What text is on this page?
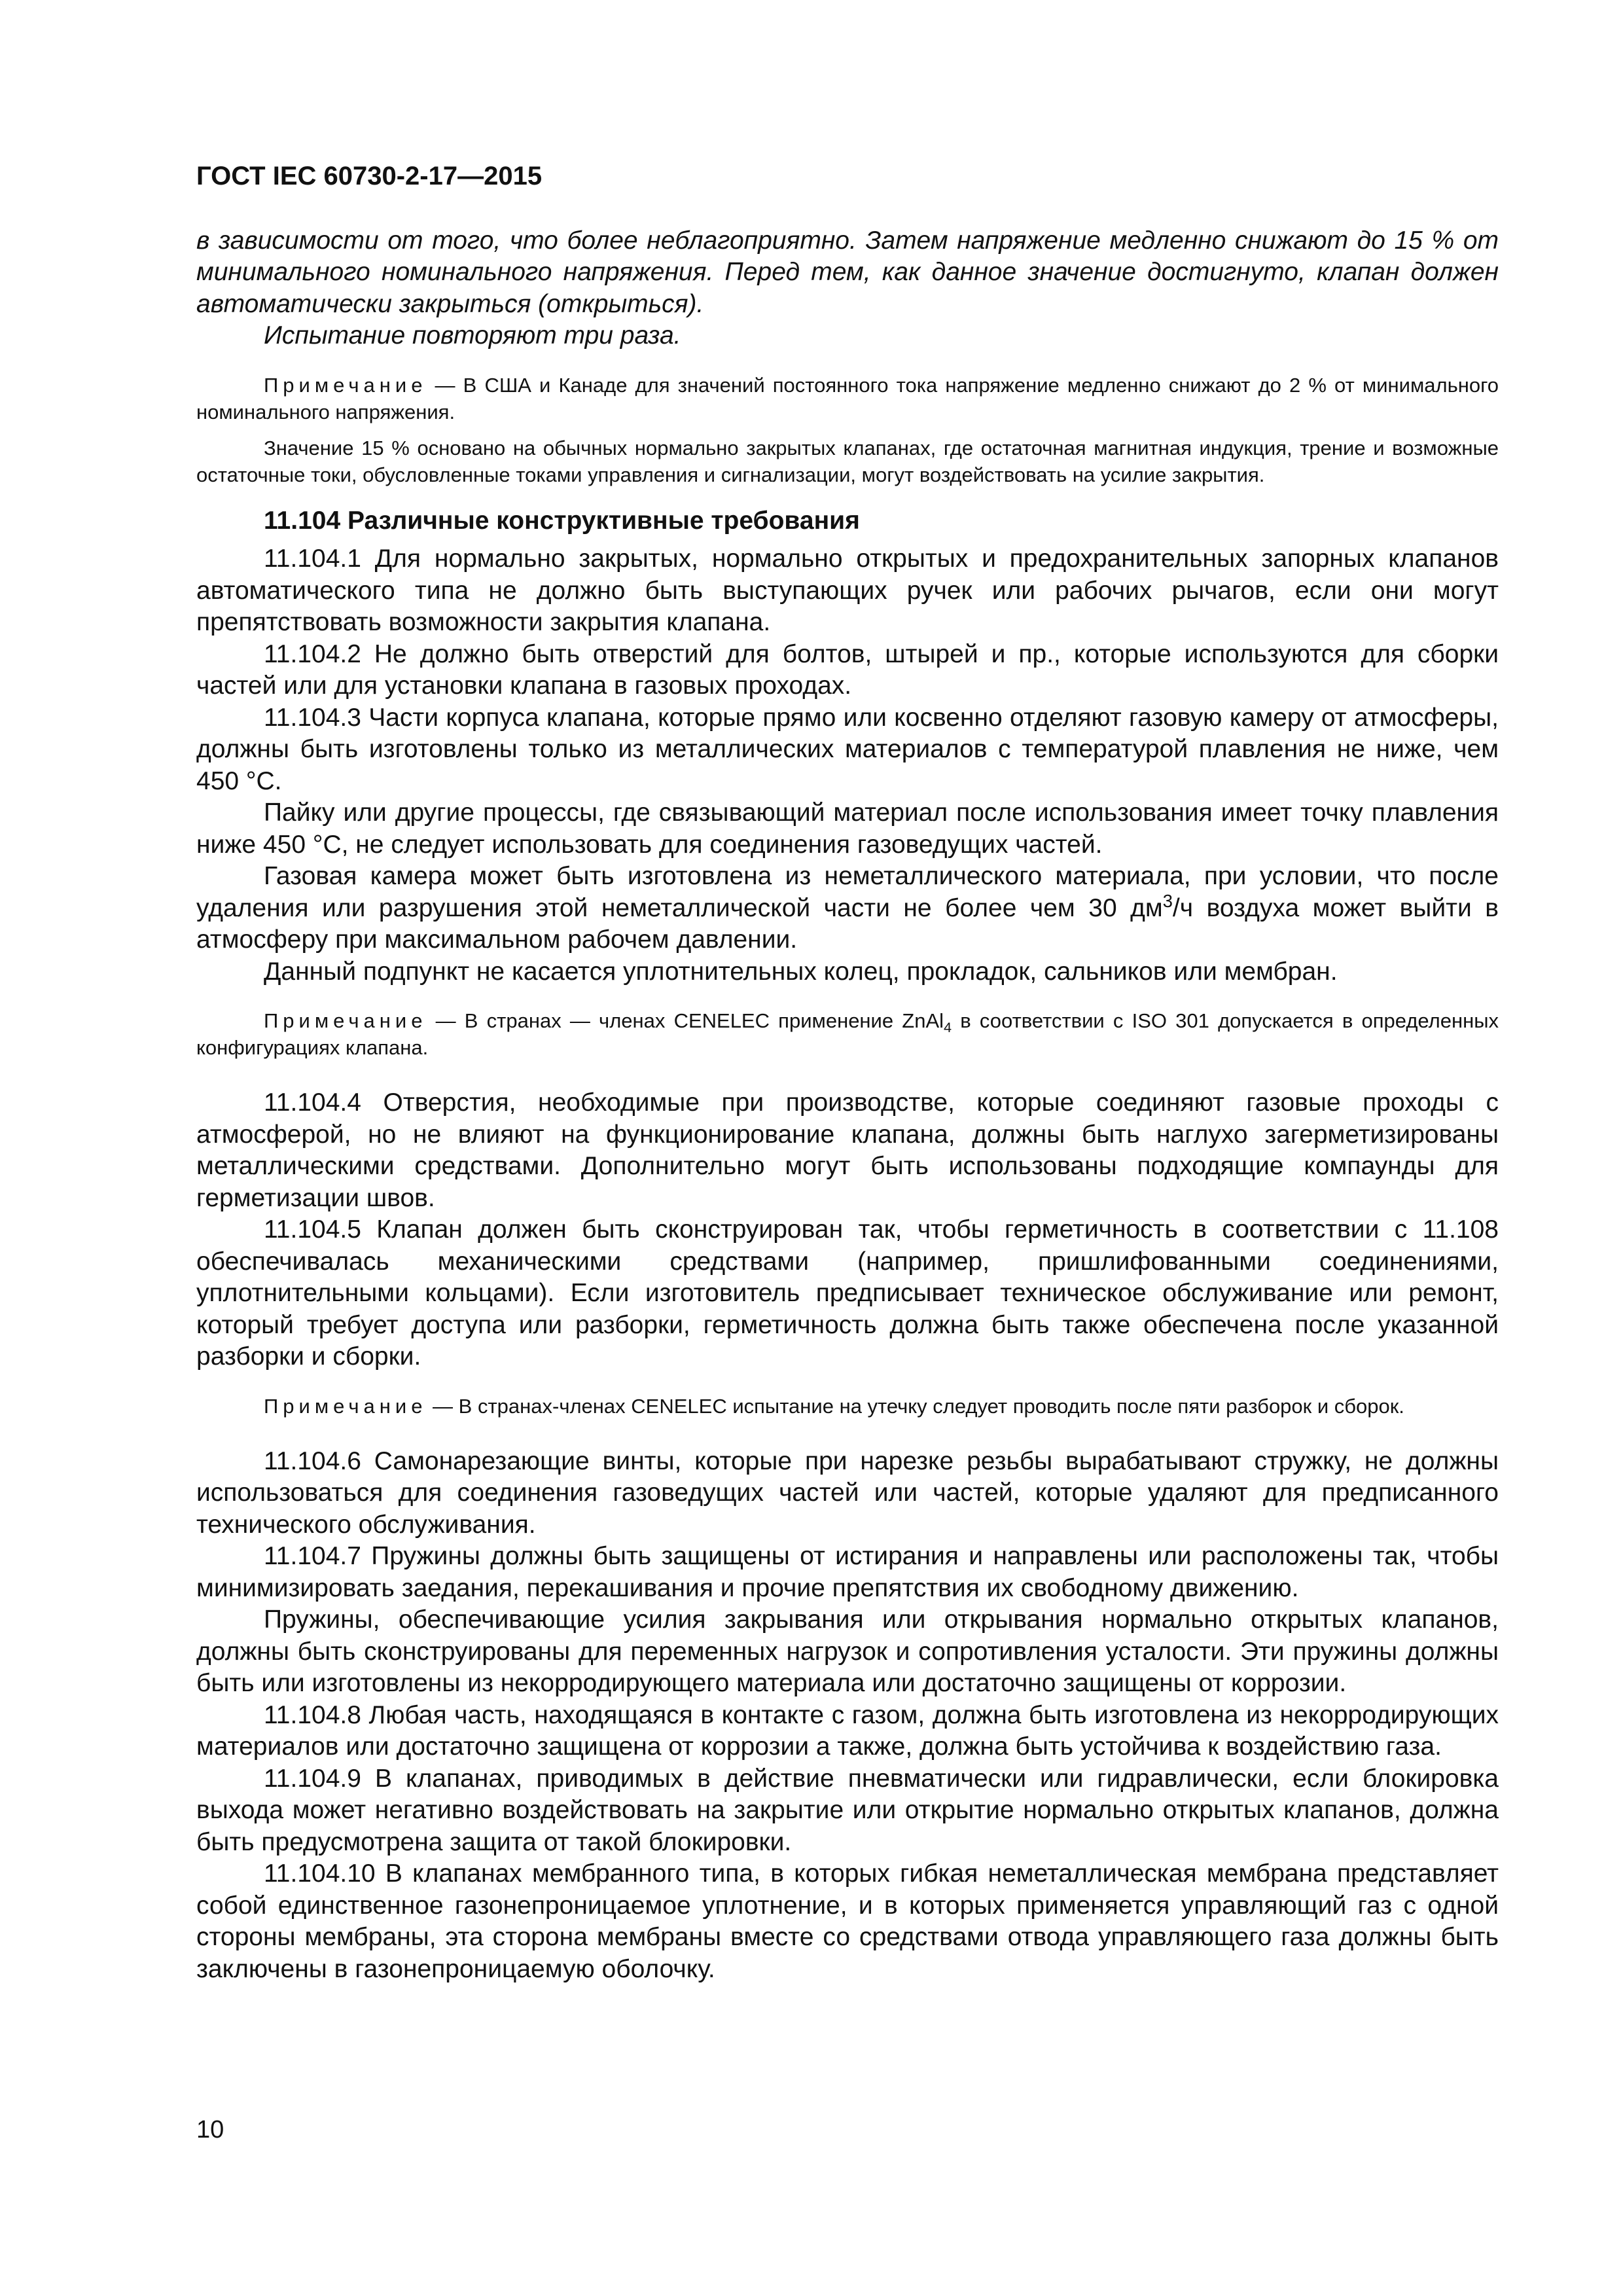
ГОСТ IEC 60730-2-17—2015

в зависимости от того, что более неблагоприятно. Затем напряжение медленно снижают до 15 % от минимального номинального напряжения. Перед тем, как данное значение достигнуто, клапан должен автоматически закрыться (открыться).

Испытание повторяют три раза.

Примечание — В США и Канаде для значений постоянного тока напряжение медленно снижают до 2 % от минимального номинального напряжения.

Значение 15 % основано на обычных нормально закрытых клапанах, где остаточная магнитная индукция, трение и возможные остаточные токи, обусловленные токами управления и сигнализации, могут воздействовать на усилие закрытия.

11.104 Различные конструктивные требования

11.104.1 Для нормально закрытых, нормально открытых и предохранительных запорных клапанов автоматического типа не должно быть выступающих ручек или рабочих рычагов, если они могут препятствовать возможности закрытия клапана.

11.104.2 Не должно быть отверстий для болтов, штырей и пр., которые используются для сборки частей или для установки клапана в газовых проходах.

11.104.3 Части корпуса клапана, которые прямо или косвенно отделяют газовую камеру от атмосферы, должны быть изготовлены только из металлических материалов с температурой плавления не ниже, чем 450 °С.

Пайку или другие процессы, где связывающий материал после использования имеет точку плавления ниже 450 °С, не следует использовать для соединения газоведущих частей.

Газовая камера может быть изготовлена из неметаллического материала, при условии, что после удаления или разрушения этой неметаллической части не более чем 30 $дм^3/ч$ воздуха может выйти в атмосферу при максимальном рабочем давлении.

Данный подпункт не касается уплотнительных колец, прокладок, сальников или мембран.

Примечание — В странах — членах CENELEC применение ZnAl$_4$ в соответствии с ISO 301 допускается в определенных конфигурациях клапана.

11.104.4 Отверстия, необходимые при производстве, которые соединяют газовые проходы с атмосферой, но не влияют на функционирование клапана, должны быть наглухо загерметизированы металлическими средствами. Дополнительно могут быть использованы подходящие компаунды для герметизации швов.

11.104.5 Клапан должен быть сконструирован так, чтобы герметичность в соответствии с 11.108 обеспечивалась механическими средствами (например, пришлифованными соединениями, уплотнительными кольцами). Если изготовитель предписывает техническое обслуживание или ремонт, который требует доступа или разборки, герметичность должна быть также обеспечена после указанной разборки и сборки.

Примечание — В странах-членах CENELEC испытание на утечку следует проводить после пяти разборок и сборок.

11.104.6 Самонарезающие винты, которые при нарезке резьбы вырабатывают стружку, не должны использоваться для соединения газоведущих частей или частей, которые удаляют для предписанного технического обслуживания.

11.104.7 Пружины должны быть защищены от истирания и направлены или расположены так, чтобы минимизировать заедания, перекашивания и прочие препятствия их свободному движению.

Пружины, обеспечивающие усилия закрывания или открывания нормально открытых клапанов, должны быть сконструированы для переменных нагрузок и сопротивления усталости. Эти пружины должны быть или изготовлены из некорродирующего материала или достаточно защищены от коррозии.

11.104.8 Любая часть, находящаяся в контакте с газом, должна быть изготовлена из некорродирующих материалов или достаточно защищена от коррозии а также, должна быть устойчива к воздействию газа.

11.104.9 В клапанах, приводимых в действие пневматически или гидравлически, если блокировка выхода может негативно воздействовать на закрытие или открытие нормально открытых клапанов, должна быть предусмотрена защита от такой блокировки.

11.104.10 В клапанах мембранного типа, в которых гибкая неметаллическая мембрана представляет собой единственное газонепроницаемое уплотнение, и в которых применяется управляющий газ с одной стороны мембраны, эта сторона мембраны вместе со средствами отвода управляющего газа должны быть заключены в газонепроницаемую оболочку.

10
